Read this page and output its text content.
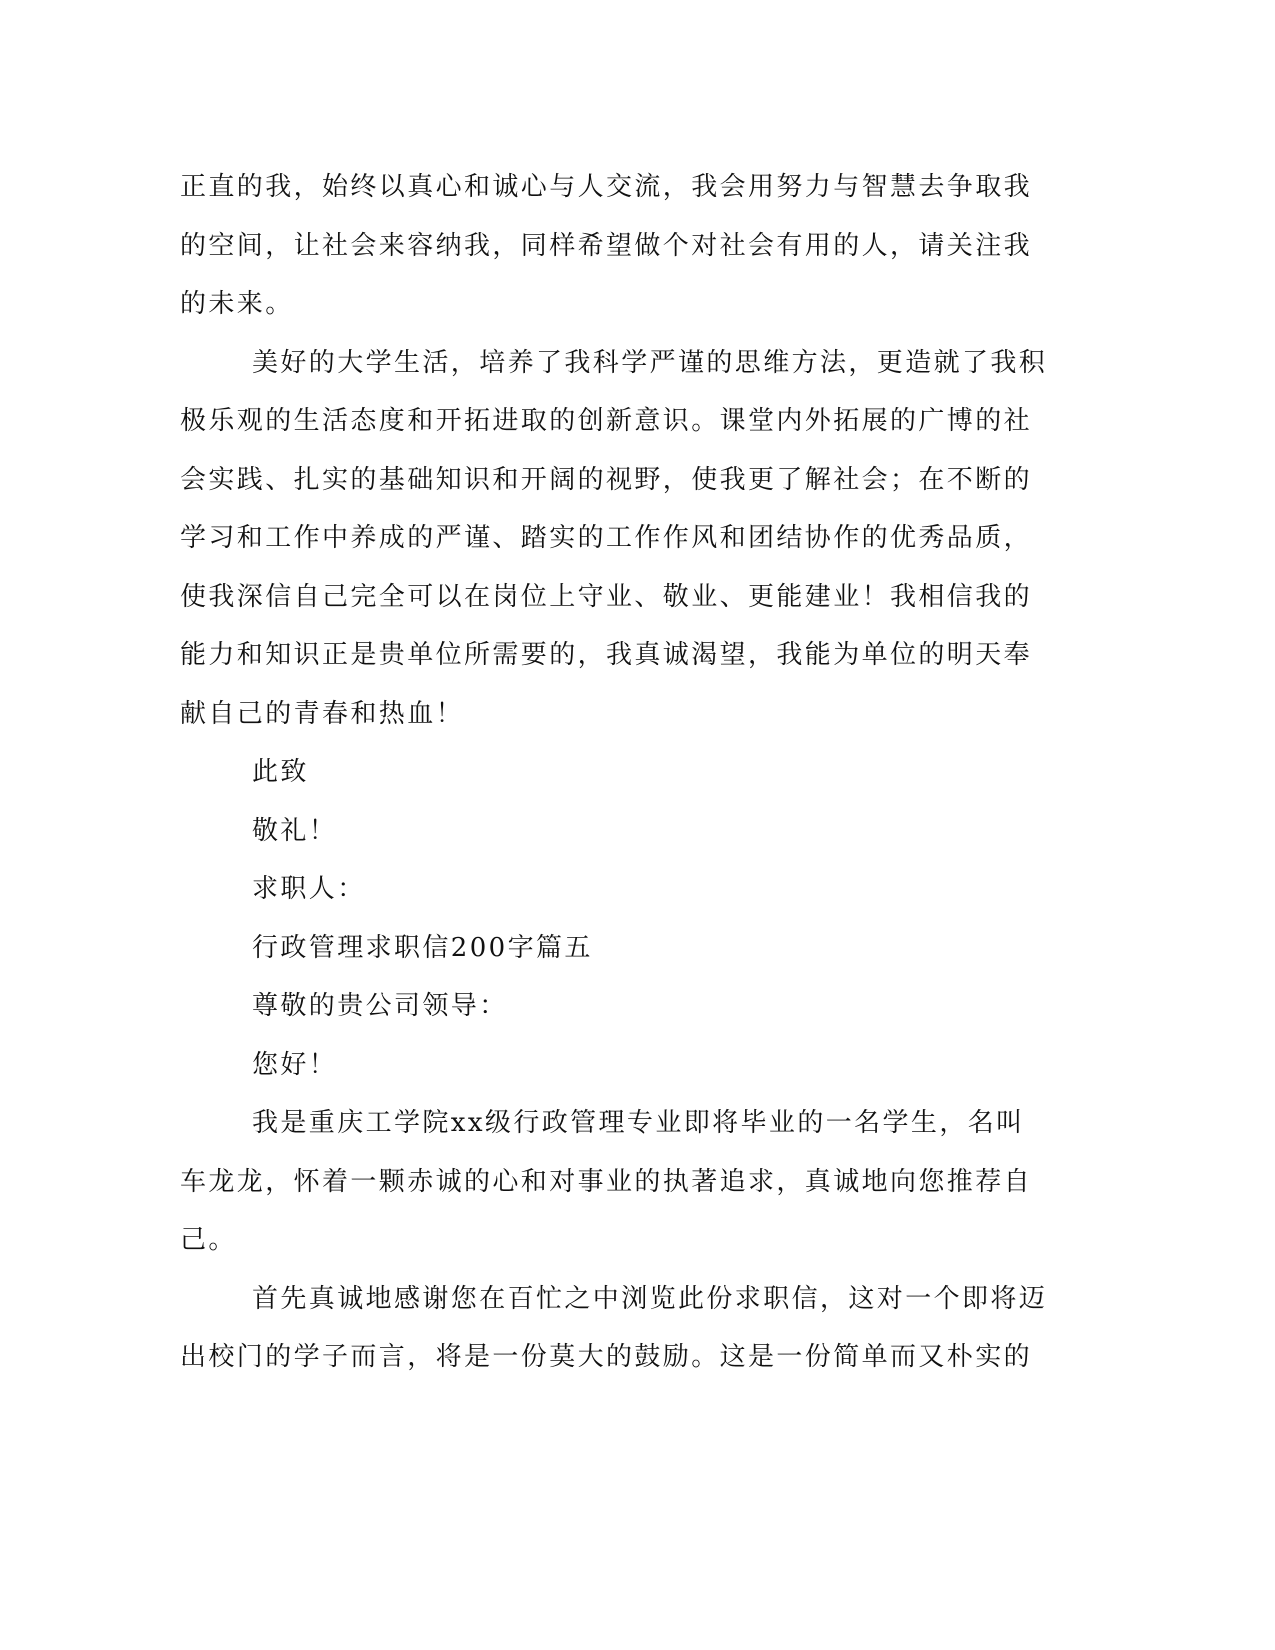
正直的我，始终以真心和诚心与人交流，我会用努力与智慧去争取我
的空间，让社会来容纳我，同样希望做个对社会有用的人，请关注我
的未来。
美好的大学生活，培养了我科学严谨的思维方法，更造就了我积
极乐观的生活态度和开拓进取的创新意识。课堂内外拓展的广博的社
会实践、扎实的基础知识和开阔的视野，使我更了解社会；在不断的
学习和工作中养成的严谨、踏实的工作作风和团结协作的优秀品质，
使我深信自己完全可以在岗位上守业、敬业、更能建业！我相信我的
能力和知识正是贵单位所需要的，我真诚渴望，我能为单位的明天奉
献自己的青春和热血！
此致
敬礼！
求职人：
行政管理求职信200字篇五
尊敬的贵公司领导：
您好！
我是重庆工学院xx级行政管理专业即将毕业的一名学生，名叫
车龙龙，怀着一颗赤诚的心和对事业的执著追求，真诚地向您推荐自
己。
首先真诚地感谢您在百忙之中浏览此份求职信，这对一个即将迈
出校门的学子而言，将是一份莫大的鼓励。这是一份简单而又朴实的
